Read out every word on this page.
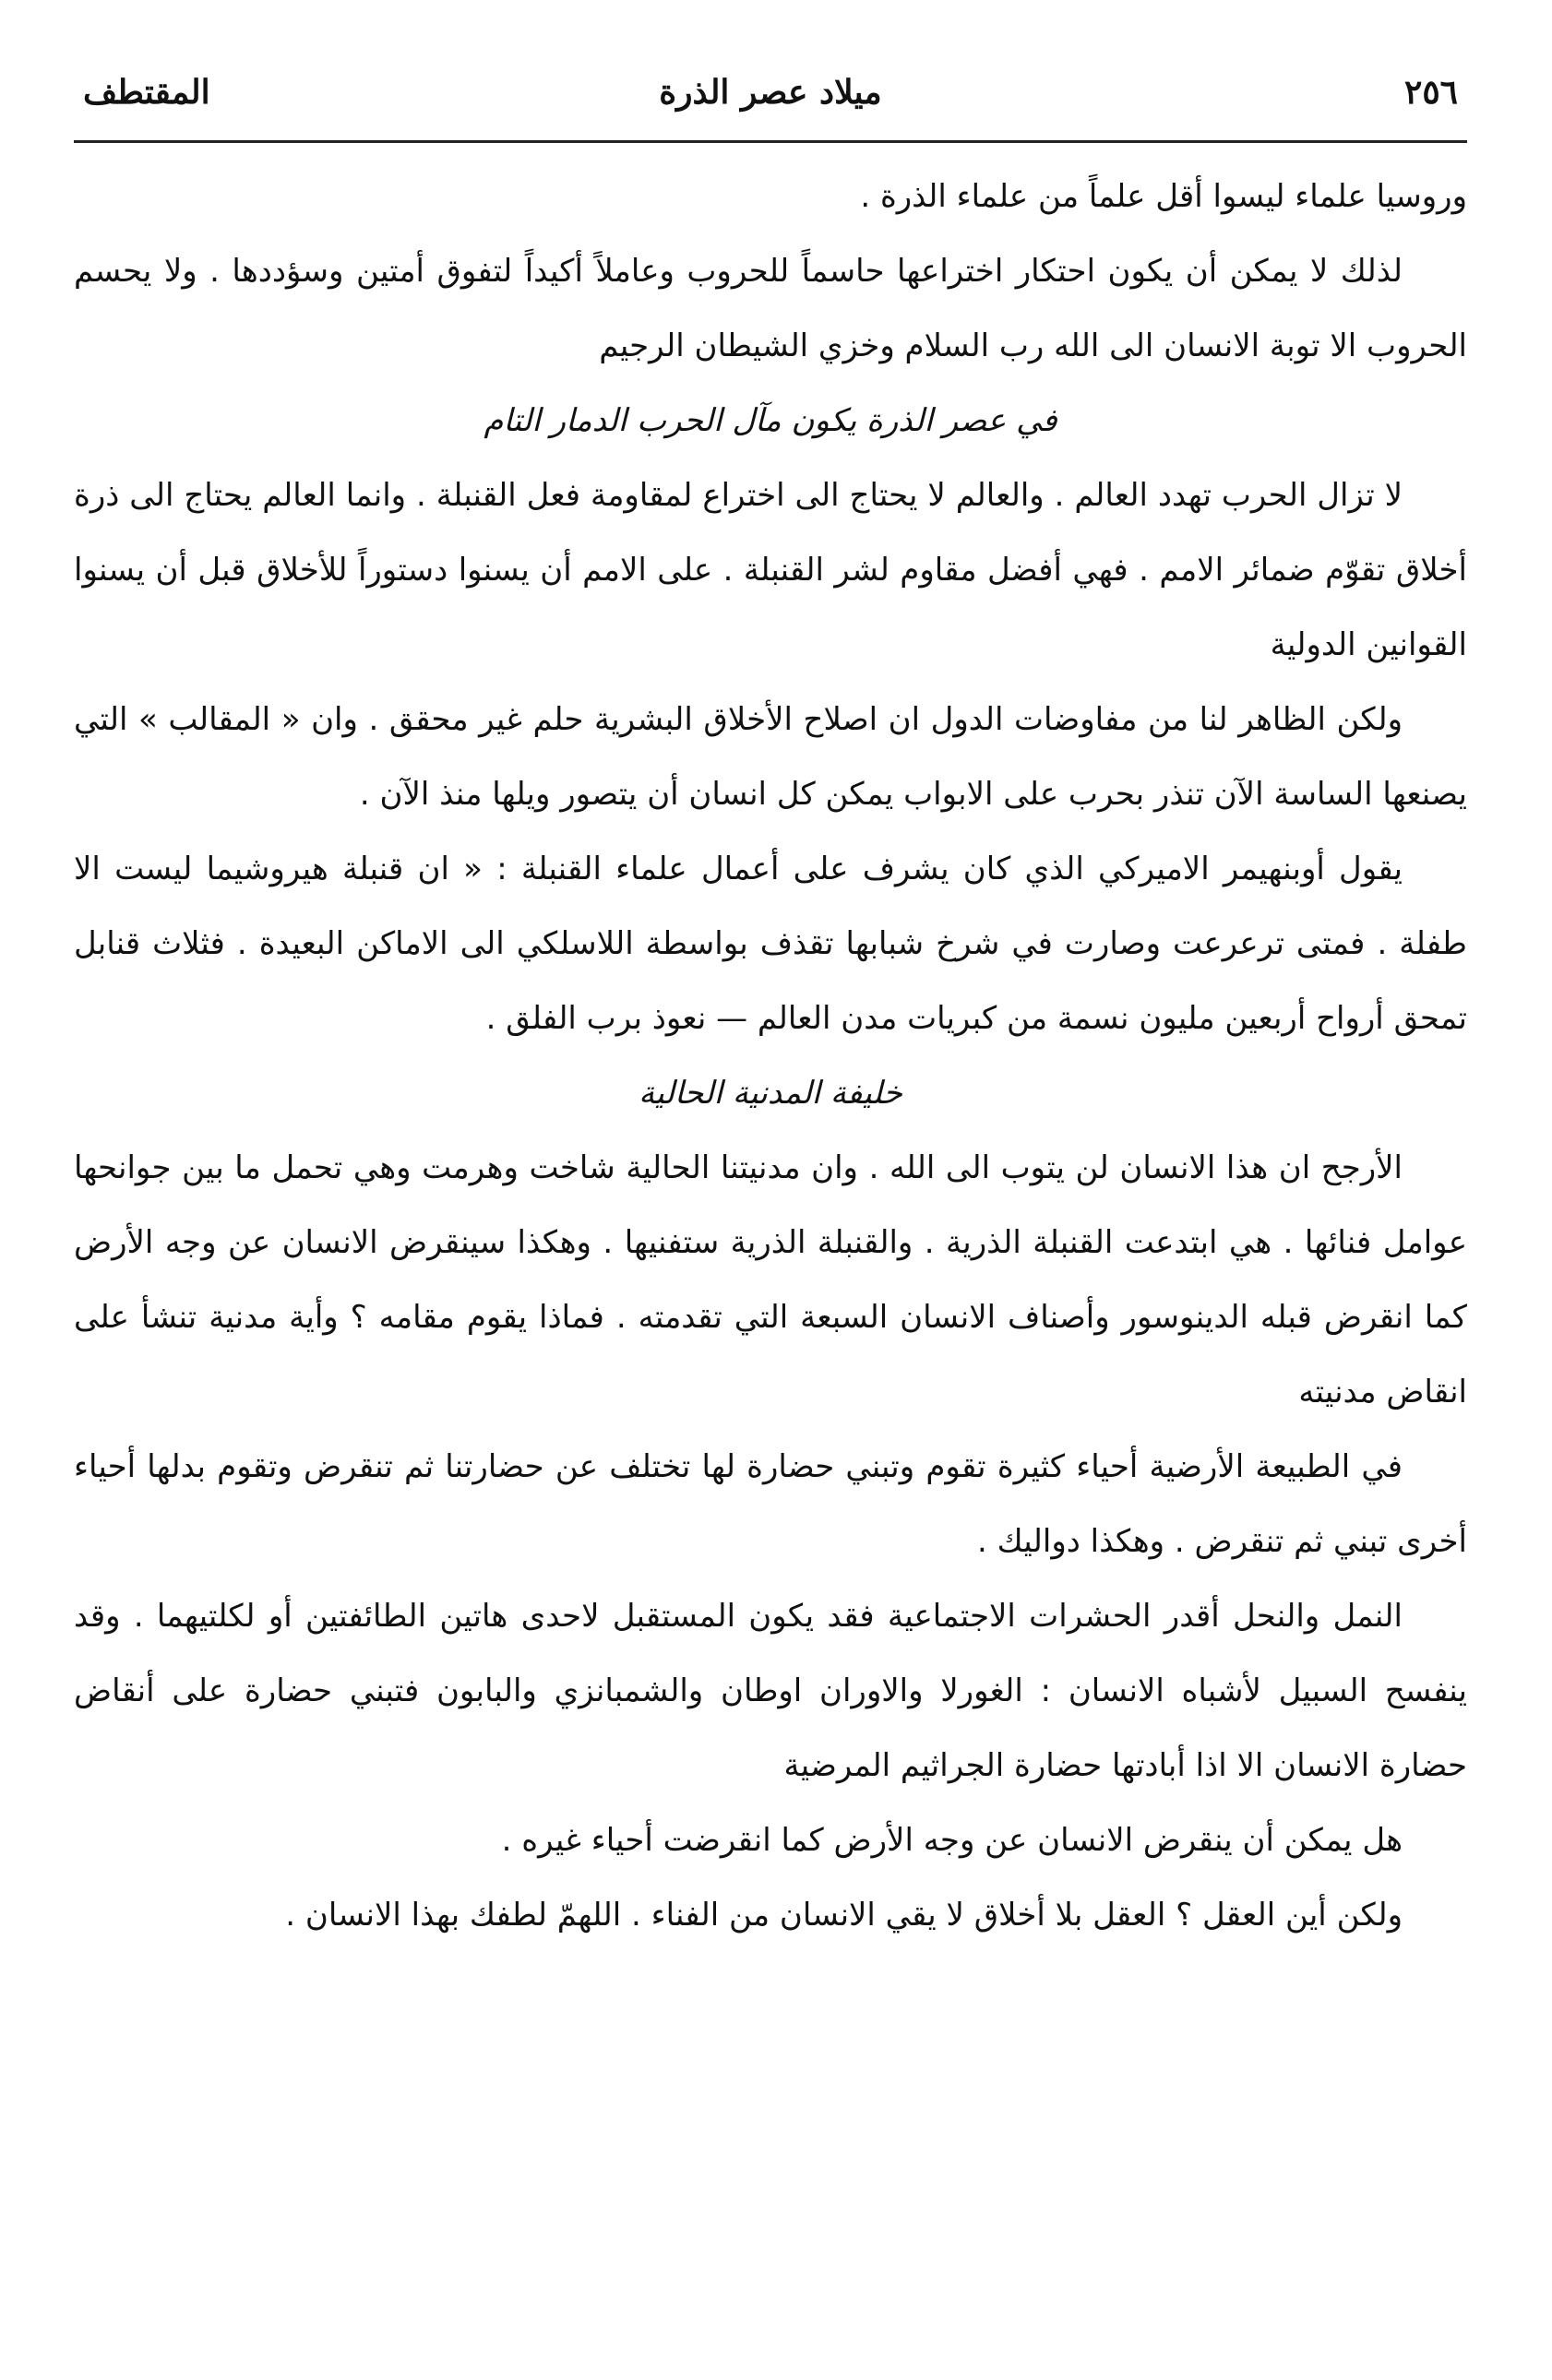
٢٥٦
ميلاد عصر الذرة
المقتطف

وروسيا علماء ليسوا أقل علماً من علماء الذرة .

لذلك لا يمكن أن يكون احتكار اختراعها حاسماً للحروب وعاملاً أكيداً لتفوق أمتين وسؤددها . ولا يحسم الحروب الا توبة الانسان الى الله رب السلام وخزي الشيطان الرجيم

في عصر الذرة يكون مآل الحرب الدمار التام

لا تزال الحرب تهدد العالم . والعالم لا يحتاج الى اختراع لمقاومة فعل القنبلة . وانما العالم يحتاج الى ذرة أخلاق تقوّم ضمائر الامم . فهي أفضل مقاوم لشر القنبلة . على الامم أن يسنوا دستوراً للأخلاق قبل أن يسنوا القوانين الدولية

ولكن الظاهر لنا من مفاوضات الدول ان اصلاح الأخلاق البشرية حلم غير محقق . وان « المقالب » التي يصنعها الساسة الآن تنذر بحرب على الابواب يمكن كل انسان أن يتصور ويلها منذ الآن .

يقول أوبنهيمر الاميركي الذي كان يشرف على أعمال علماء القنبلة : « ان قنبلة هيروشيما ليست الا طفلة . فمتى ترعرعت وصارت في شرخ شبابها تقذف بواسطة اللاسلكي الى الاماكن البعيدة . فثلاث قنابل تمحق أرواح أربعين مليون نسمة من كبريات مدن العالم — نعوذ برب الفلق .

خليفة المدنية الحالية

الأرجح ان هذا الانسان لن يتوب الى الله . وان مدنيتنا الحالية شاخت وهرمت وهي تحمل ما بين جوانحها عوامل فنائها . هي ابتدعت القنبلة الذرية . والقنبلة الذرية ستفنيها . وهكذا سينقرض الانسان عن وجه الأرض كما انقرض قبله الدينوسور وأصناف الانسان السبعة التي تقدمته . فماذا يقوم مقامه ؟ وأية مدنية تنشأ على انقاض مدنيته

في الطبيعة الأرضية أحياء كثيرة تقوم وتبني حضارة لها تختلف عن حضارتنا ثم تنقرض وتقوم بدلها أحياء أخرى تبني ثم تنقرض . وهكذا دواليك .

النمل والنحل أقدر الحشرات الاجتماعية فقد يكون المستقبل لاحدى هاتين الطائفتين أو لكلتيهما . وقد ينفسح السبيل لأشباه الانسان : الغورلا والاوران اوطان والشمبانزي والبابون فتبني حضارة على أنقاض حضارة الانسان الا اذا أبادتها حضارة الجراثيم المرضية

هل يمكن أن ينقرض الانسان عن وجه الأرض كما انقرضت أحياء غيره .

ولكن أين العقل ؟ العقل بلا أخلاق لا يقي الانسان من الفناء . اللهمّ لطفك بهذا الانسان .
